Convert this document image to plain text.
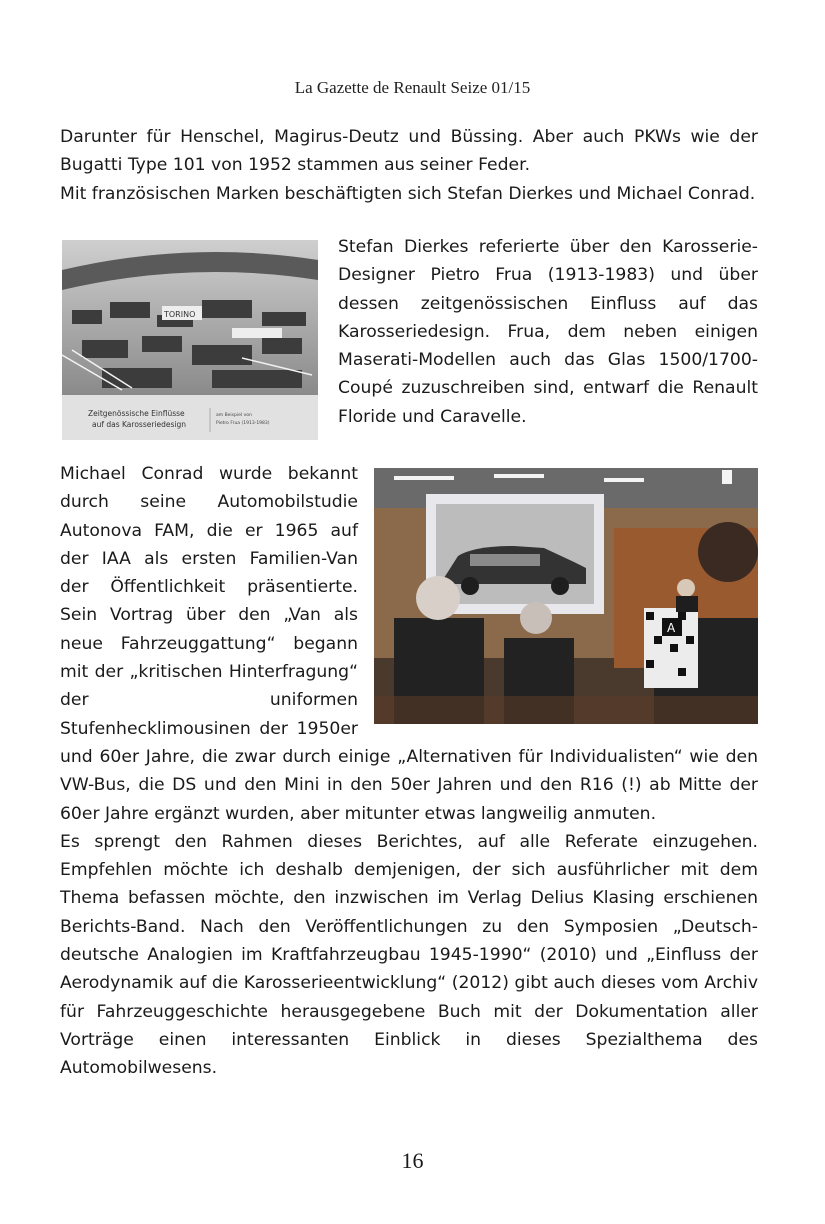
La Gazette de Renault Seize 01/15

Darunter für Henschel, Magirus-Deutz und Büssing. Aber auch PKWs wie der Bugatti Type 101 von 1952 stammen aus seiner Feder.

Mit französischen Marken beschäftigten sich Stefan Dierkes und Michael Conrad.

TORINO
Zeitgenössische Einflüsse
auf das Karosseriedesign
am Beispiel von
Pietro Frua (1913-1983)
Stefan Dierkes referierte über den Karosserie-Designer Pietro Frua (1913-1983) und über dessen zeitgenössischen Einfluss auf das Karosseriedesign. Frua, dem neben einigen Maserati-Modellen auch das Glas 1500/1700-Coupé zuzuschreiben sind, entwarf die Renault Floride und Caravelle.
A

Michael Conrad wurde bekannt durch seine Automobilstudie Autonova FAM, die er 1965 auf der IAA als ersten Familien-Van der Öffentlichkeit präsentierte. Sein Vortrag über den „Van als neue Fahrzeuggattung“ begann mit der „kritischen Hinterfragung“ der uniformen Stufenhecklimousinen der 1950er und 60er Jahre, die zwar durch einige „Alternativen für Individualisten“ wie den VW-Bus, die DS und den Mini in den 50er Jahren und den R16 (!) ab Mitte der 60er Jahre ergänzt wurden, aber mitunter etwas langweilig anmuten.

Es sprengt den Rahmen dieses Berichtes, auf alle Referate einzugehen. Empfehlen möchte ich deshalb demjenigen, der sich ausführlicher mit dem Thema befassen möchte, den inzwischen im Verlag Delius Klasing erschienen Berichts-Band. Nach den Veröffentlichungen zu den Symposien „Deutsch-deutsche Analogien im Kraftfahrzeugbau 1945-1990“ (2010) und „Einfluss der Aerodynamik auf die Karosserieentwicklung“ (2012) gibt auch dieses vom Archiv für Fahrzeuggeschichte herausgegebene Buch mit der Dokumentation aller Vorträge einen interessanten Einblick in dieses Spezialthema des Automobilwesens.

16
